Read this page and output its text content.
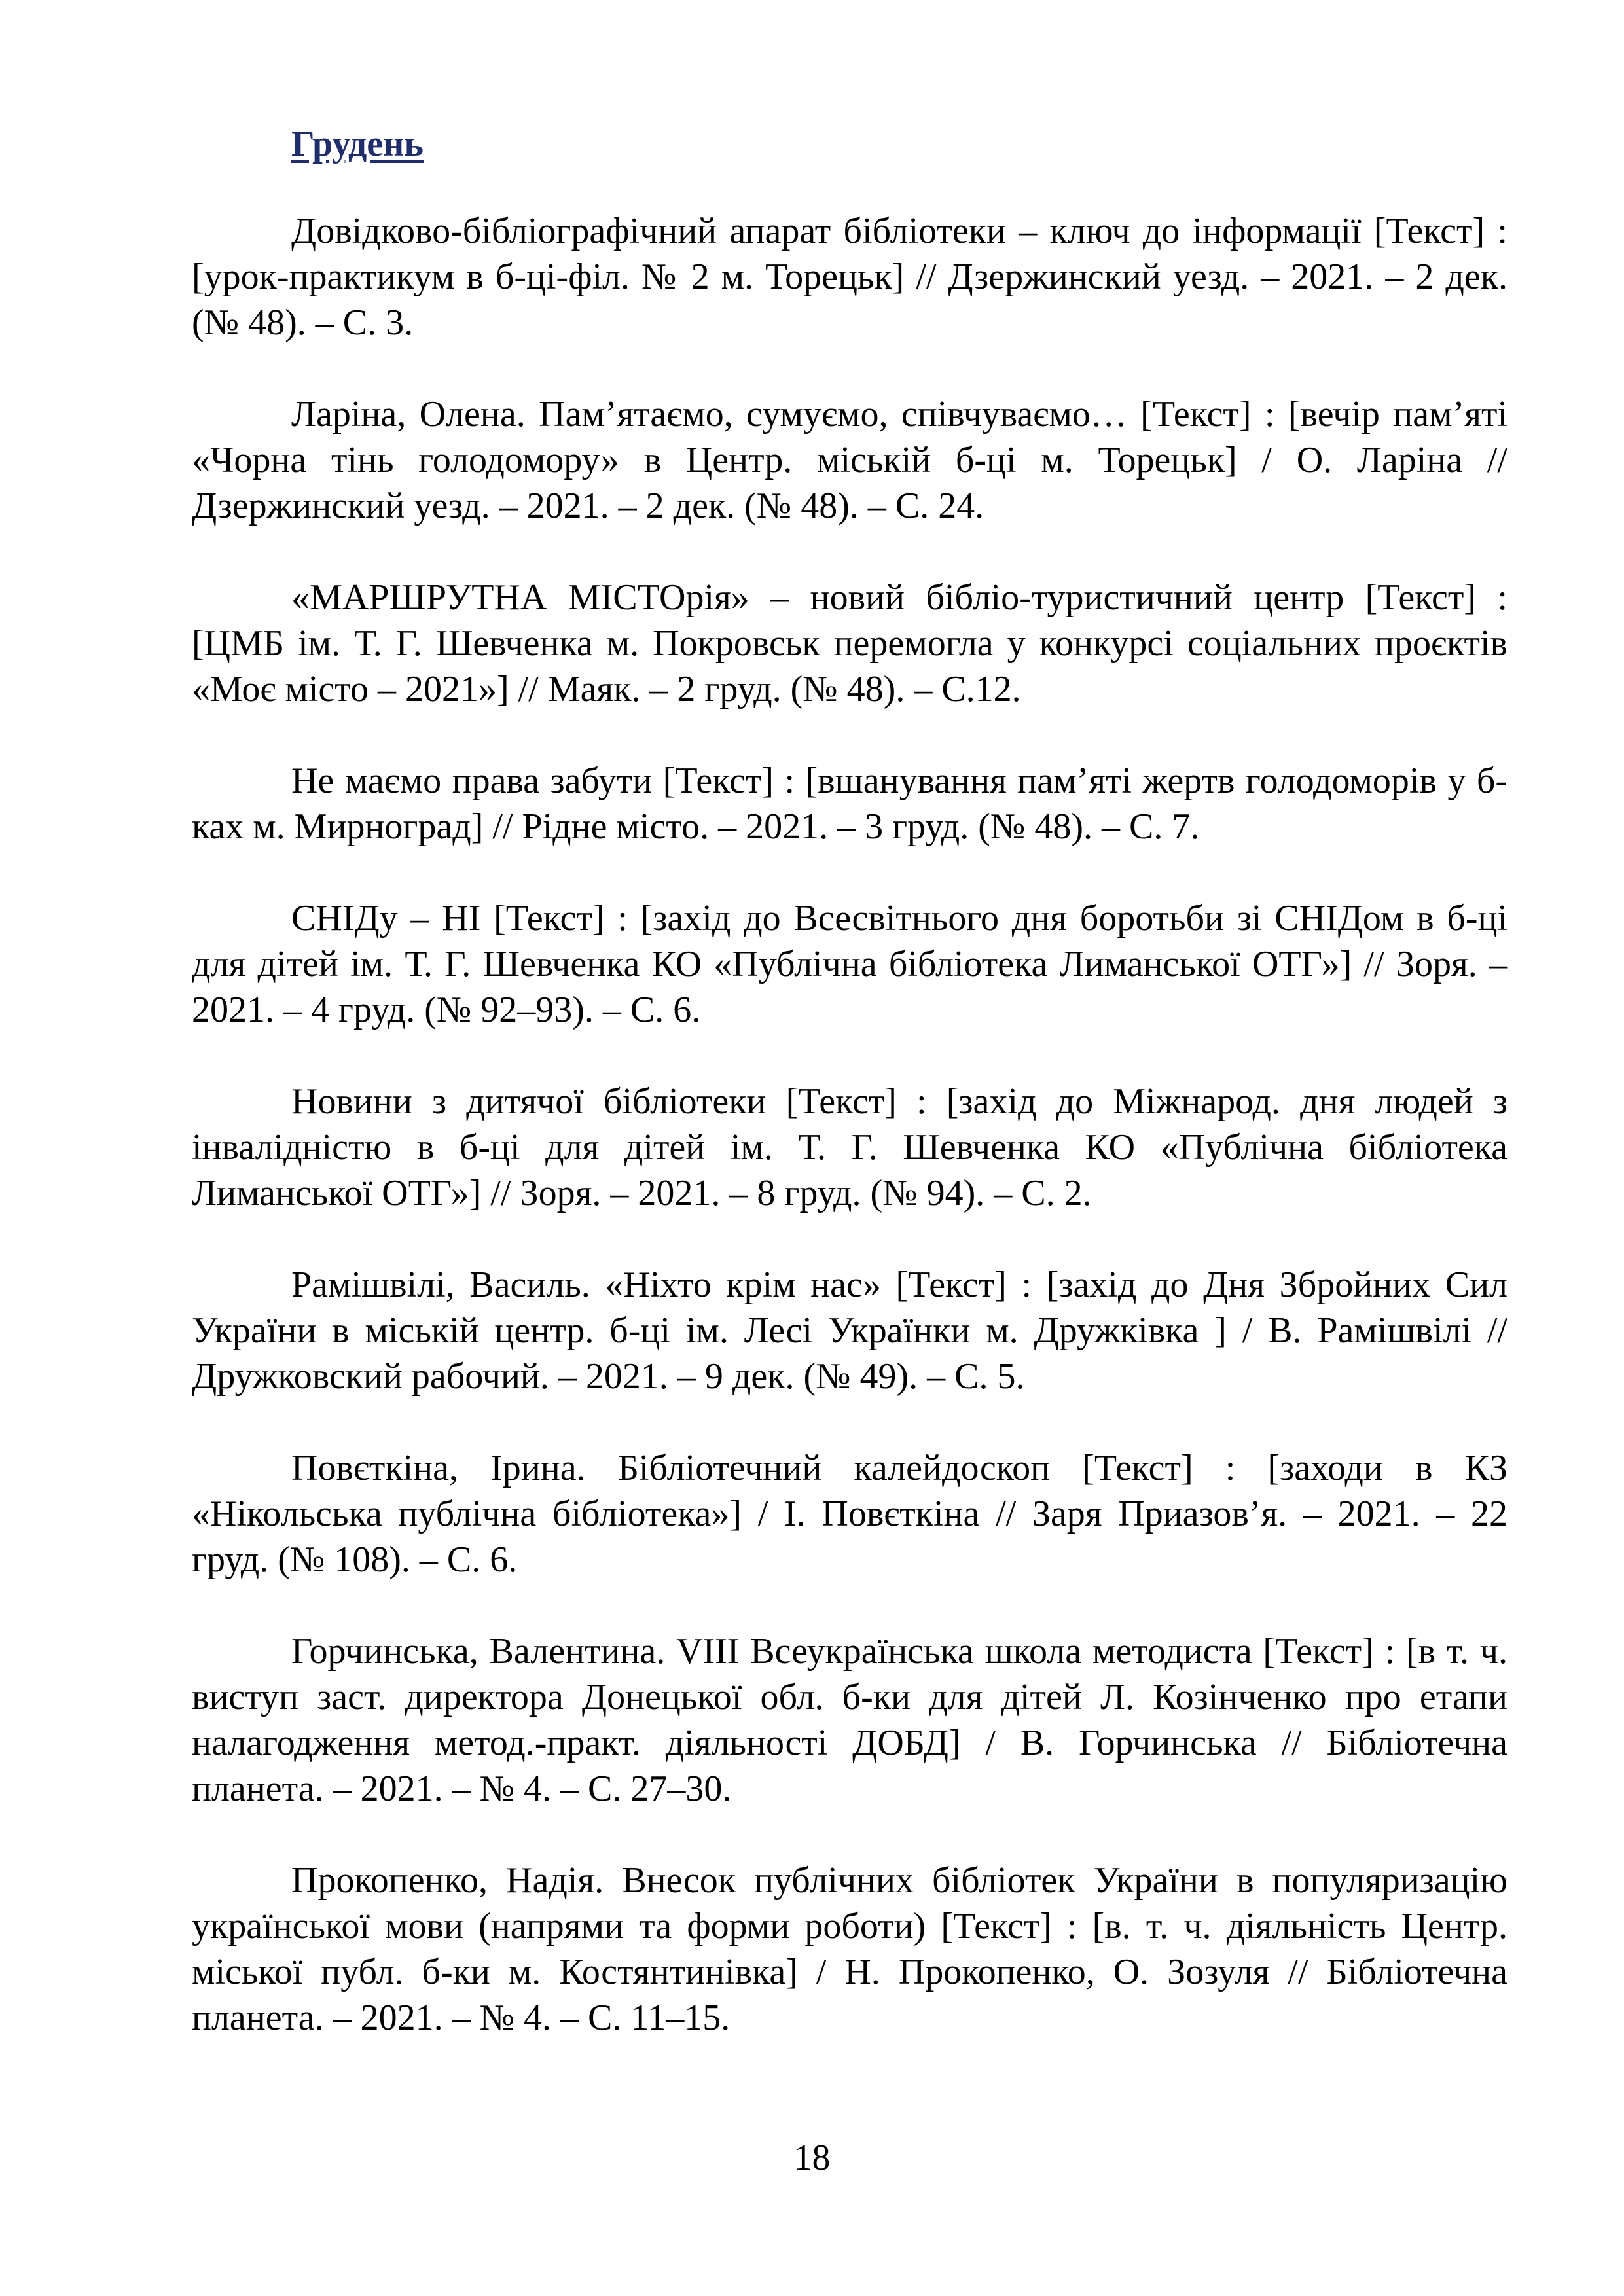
Грудень

Довідково-бібліографічний апарат бібліотеки – ключ до інформації [Текст] : [урок-практикум в б-ці-філ. № 2 м. Торецьк] // Дзержинский уезд. – 2021. – 2 дек. (№ 48). – С. 3.

Ларіна, Олена. Пам’ятаємо, сумуємо, співчуваємо… [Текст] : [вечір пам’яті «Чорна тінь голодомору» в Центр. міській б-ці м. Торецьк] / О. Ларіна // Дзержинский уезд. – 2021. – 2 дек. (№ 48). – С. 24.

«МАРШРУТНА МІСТОрія» – новий бібліо-туристичний центр [Текст] : [ЦМБ ім. Т. Г. Шевченка м. Покровськ перемогла у конкурсі соціальних проєктів «Моє місто – 2021»] // Маяк. – 2 груд. (№ 48). – С.12.

Не маємо права забути [Текст] : [вшанування пам’яті жертв голодоморів у б-ках м. Мирноград] // Рідне місто. – 2021. – 3 груд. (№ 48). – С. 7.

СНІДу – НІ [Текст] : [захід до Всесвітнього дня боротьби зі СНІДом в б-ці для дітей ім. Т. Г. Шевченка КО «Публічна бібліотека Лиманської ОТГ»] // Зоря. – 2021. – 4 груд. (№ 92–93). – С. 6.

Новини з дитячої бібліотеки [Текст] : [захід до Міжнарод. дня людей з інвалідністю в б-ці для дітей ім. Т. Г. Шевченка КО «Публічна бібліотека Лиманської ОТГ»] // Зоря. – 2021. – 8 груд. (№ 94). – С. 2.

Рамішвілі, Василь. «Ніхто крім нас» [Текст] : [захід до Дня Збройних Сил України в міській центр. б-ці ім. Лесі Українки м. Дружківка ] / В. Рамішвілі // Дружковский рабочий. – 2021. – 9 дек. (№ 49). – С. 5.

Повєткіна, Ірина. Бібліотечний калейдоскоп [Текст] : [заходи в КЗ «Нікольська публічна бібліотека»] / І. Повєткіна // Заря Приазов’я. – 2021. – 22 груд. (№ 108). – С. 6.

Горчинська, Валентина. VIII Всеукраїнська школа методиста [Текст] : [в т. ч. виступ заст. директора Донецької обл. б-ки для дітей Л. Козінченко про етапи налагодження метод.-практ. діяльності ДОБД] / В. Горчинська // Бібліотечна планета. – 2021. – № 4. – С. 27–30.

Прокопенко, Надія. Внесок публічних бібліотек України в популяризацію української мови (напрями та форми роботи) [Текст] : [в. т. ч. діяльність Центр. міської публ. б-ки м. Костянтинівка] / Н. Прокопенко, О. Зозуля // Бібліотечна планета. – 2021. – № 4. – С. 11–15.

18
